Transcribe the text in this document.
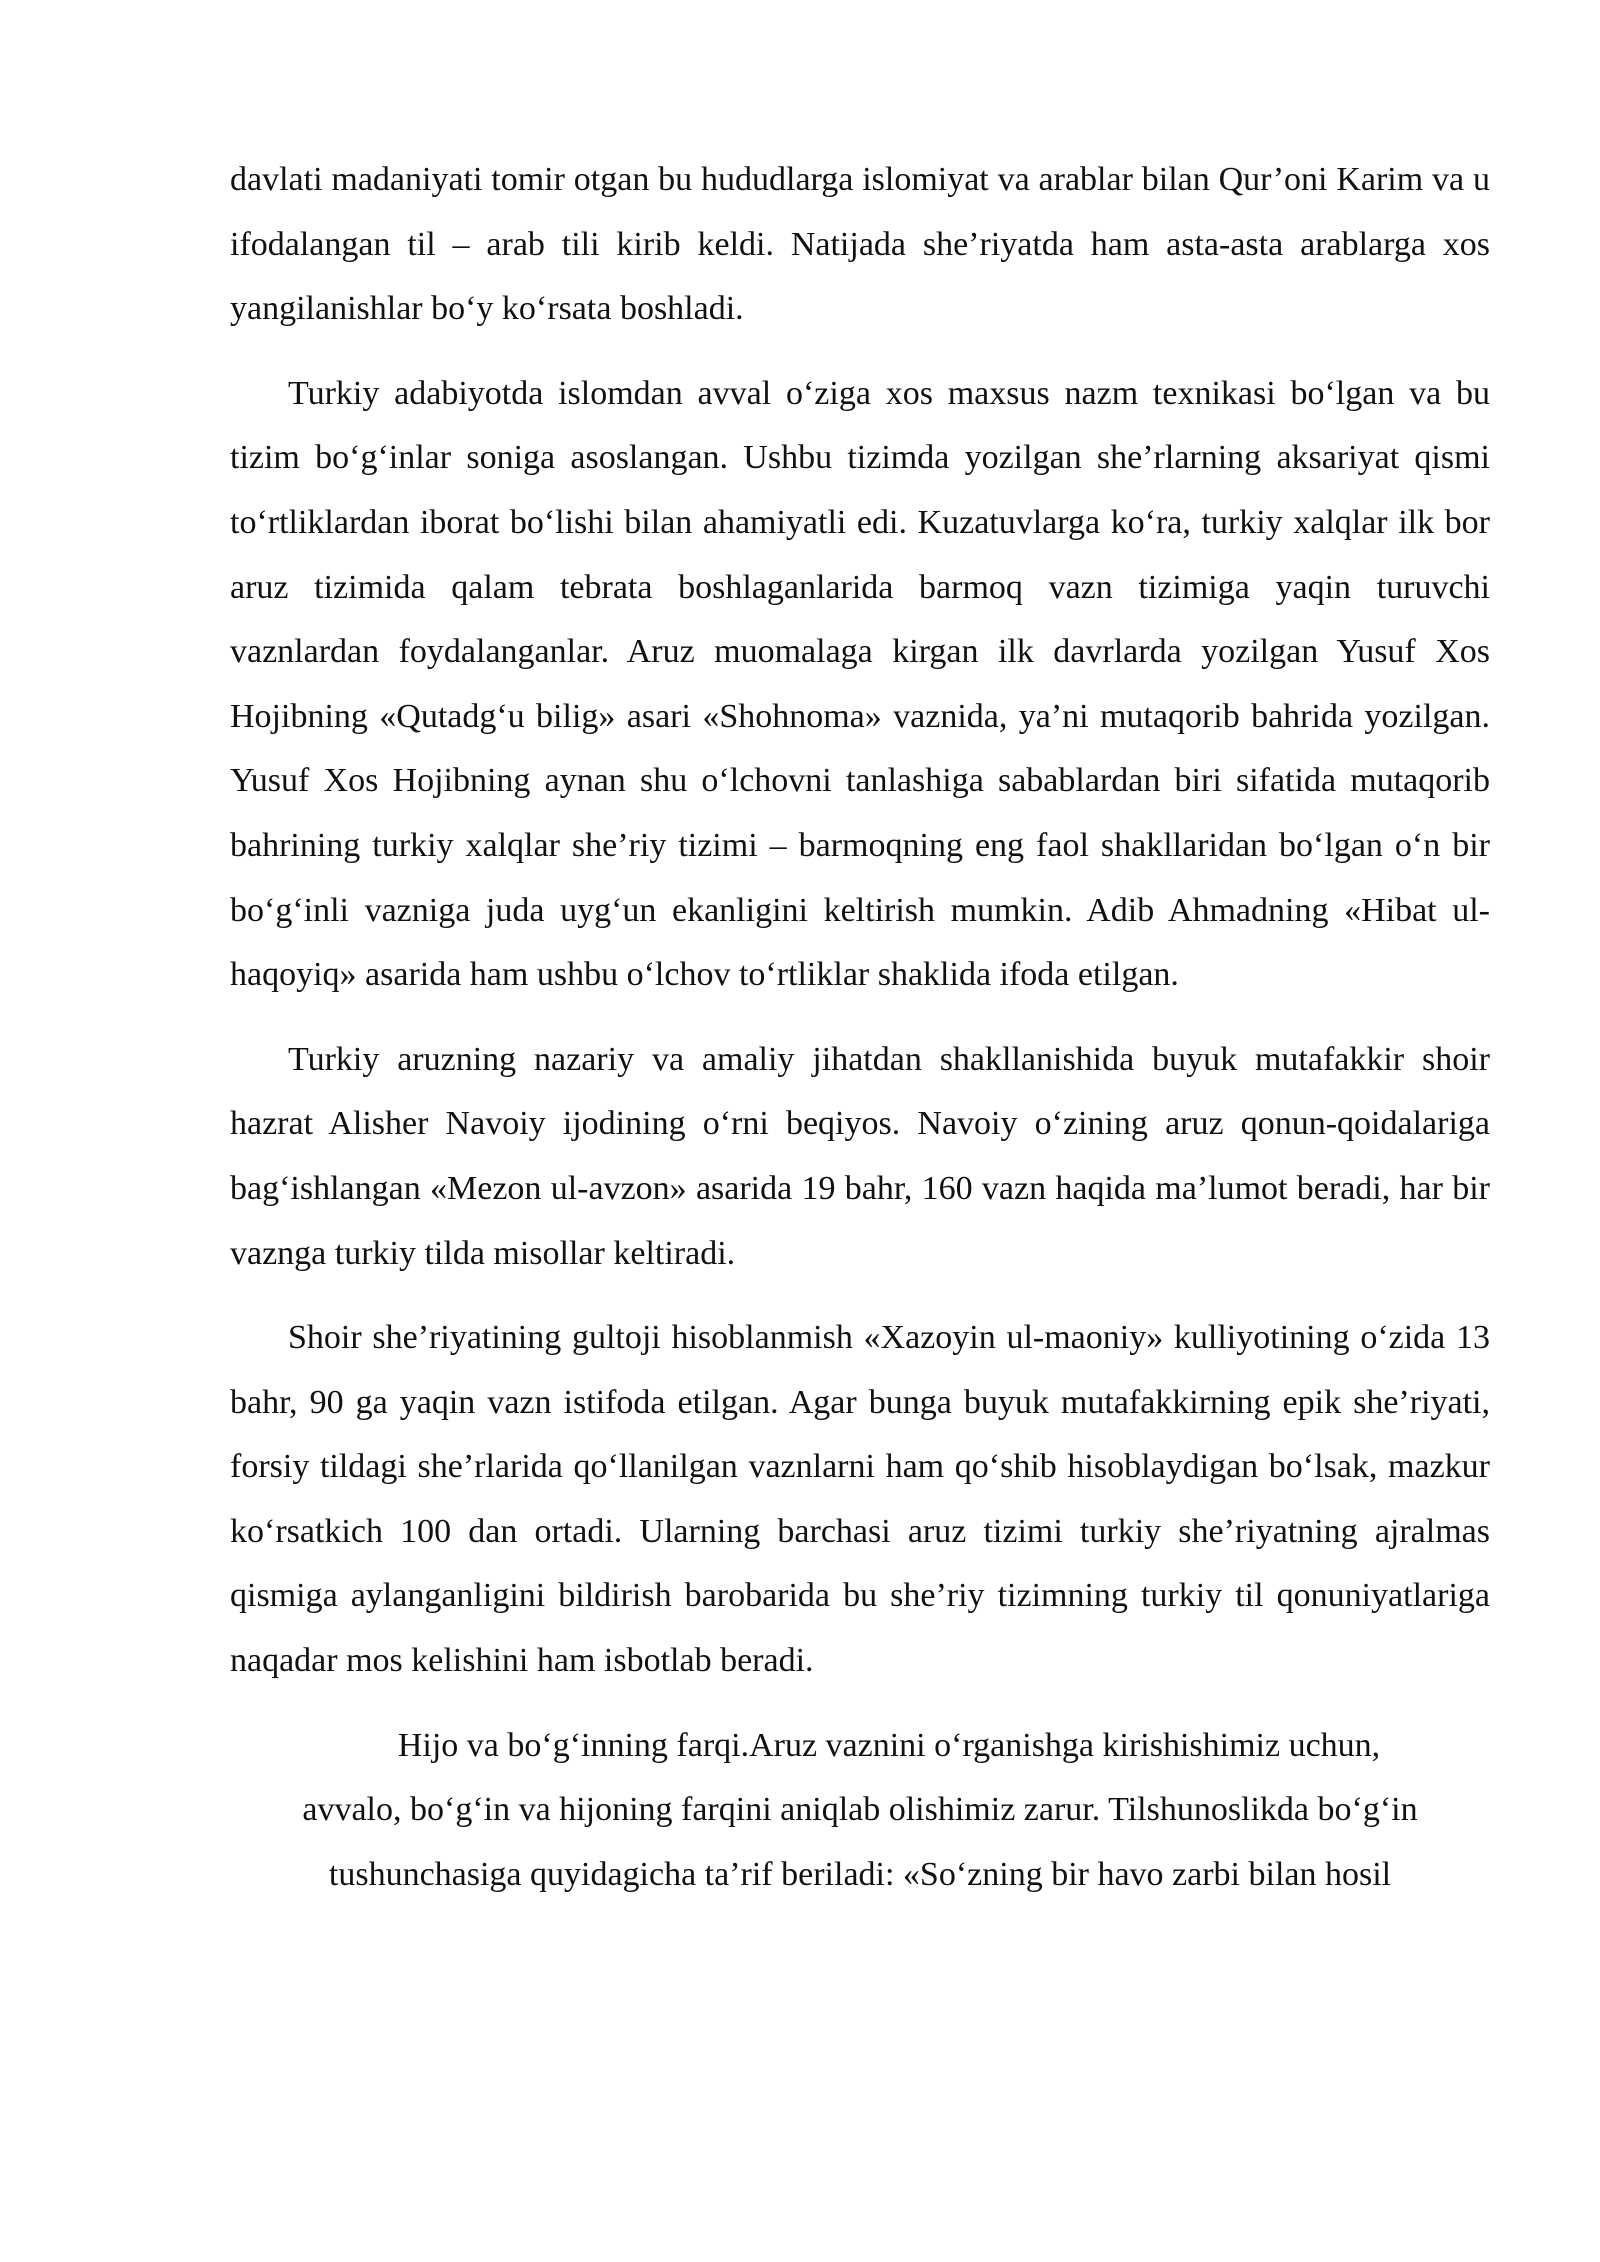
davlati madaniyati tomir otgan bu hududlarga islomiyat va arablar bilan Qur’oni Karim va u ifodalangan til – arab tili kirib keldi. Natijada she’riyatda ham asta-asta arablarga xos yangilanishlar bo‘y ko‘rsata boshladi.

Turkiy adabiyotda islomdan avval o‘ziga xos maxsus nazm texnikasi bo‘lgan va bu tizim bo‘g‘inlar soniga asoslangan. Ushbu tizimda yozilgan she’rlarning aksariyat qismi to‘rtliklardan iborat bo‘lishi bilan ahamiyatli edi. Kuzatuvlarga ko‘ra, turkiy xalqlar ilk bor aruz tizimida qalam tebrata boshlaganlarida barmoq vazn tizimiga yaqin turuvchi vaznlardan foydalanganlar. Aruz muomalaga kirgan ilk davrlarda yozilgan Yusuf Xos Hojibning «Qutadg‘u bilig» asari «Shohnoma» vaznida, ya’ni mutaqorib bahrida yozilgan. Yusuf Xos Hojibning aynan shu o‘lchovni tanlashiga sabablardan biri sifatida mutaqorib bahrining turkiy xalqlar she’riy tizimi – barmoqning eng faol shakllaridan bo‘lgan o‘n bir bo‘g‘inli vazniga juda uyg‘un ekanligini keltirish mumkin. Adib Ahmadning «Hibat ul-haqoyiq» asarida ham ushbu o‘lchov to‘rtliklar shaklida ifoda etilgan.

Turkiy aruzning nazariy va amaliy jihatdan shakllanishida buyuk mutafakkir shoir hazrat Alisher Navoiy ijodining o‘rni beqiyos. Navoiy o‘zining aruz qonun-qoidalariga bag‘ishlangan «Mezon ul-avzon» asarida 19 bahr, 160 vazn haqida ma’lumot beradi, har bir vaznga turkiy tilda misollar keltiradi.

Shoir she’riyatining gultoji hisoblanmish «Xazoyin ul-maoniy» kulliyotining o‘zida 13 bahr, 90 ga yaqin vazn istifoda etilgan. Agar bunga buyuk mutafakkirning epik she’riyati, forsiy tildagi she’rlarida qo‘llanilgan vaznlarni ham qo‘shib hisoblaydigan bo‘lsak, mazkur ko‘rsatkich 100 dan ortadi. Ularning barchasi aruz tizimi turkiy she’riyatning ajralmas qismiga aylanganligini bildirish barobarida bu she’riy tizimning turkiy til qonuniyatlariga naqadar mos kelishini ham isbotlab beradi.

Hijo va bo‘g‘inning farqi.Aruz vaznini o‘rganishga kirishishimiz uchun,
avvalo, bo‘g‘in va hijoning farqini aniqlab olishimiz zarur. Tilshunoslikda bo‘g‘in
tushunchasiga quyidagicha ta’rif beriladi: «So‘zning bir havo zarbi bilan hosil
